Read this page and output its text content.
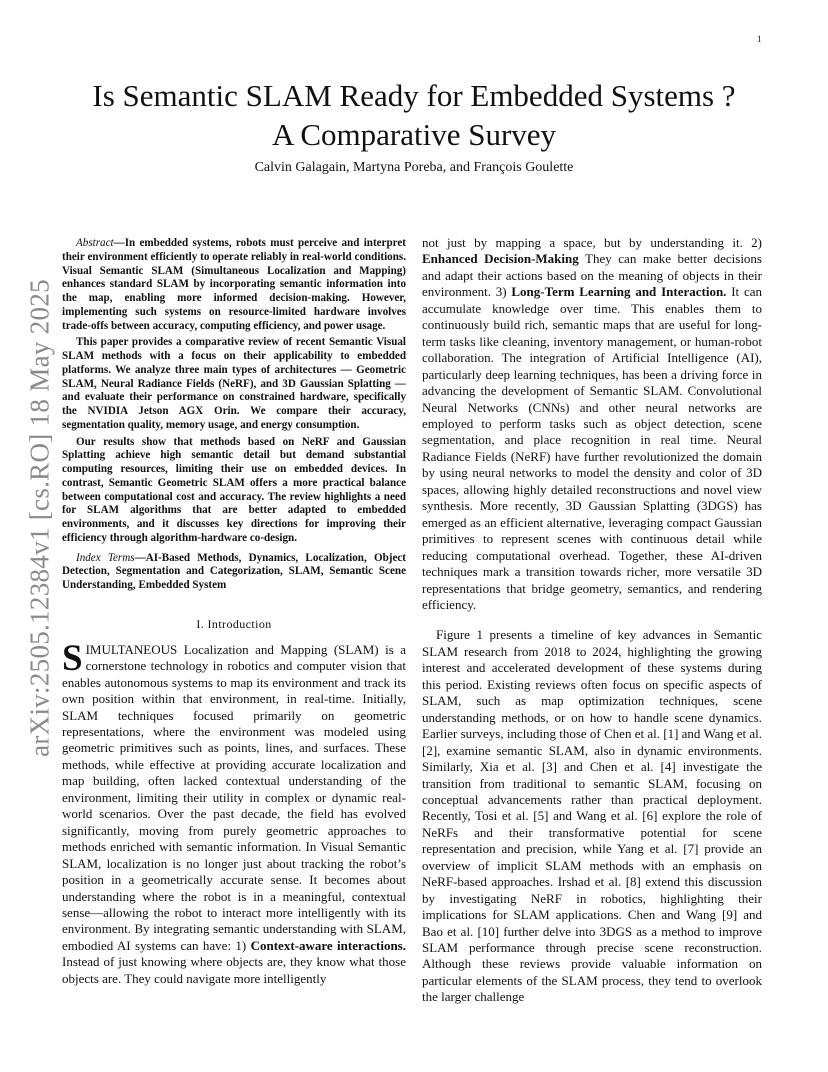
1
arXiv:2505.12384v1 [cs.RO] 18 May 2025
Is Semantic SLAM Ready for Embedded Systems ?
A Comparative Survey
Calvin Galagain, Martyna Poreba, and François Goulette

Abstract—In embedded systems, robots must perceive and interpret their environment efficiently to operate reliably in real-world conditions. Visual Semantic SLAM (Simultaneous Localization and Mapping) enhances standard SLAM by incorporating semantic information into the map, enabling more informed decision-making. However, implementing such systems on resource-limited hardware involves trade-offs between accuracy, computing efficiency, and power usage.

This paper provides a comparative review of recent Semantic Visual SLAM methods with a focus on their applicability to embedded platforms. We analyze three main types of architectures — Geometric SLAM, Neural Radiance Fields (NeRF), and 3D Gaussian Splatting — and evaluate their performance on constrained hardware, specifically the NVIDIA Jetson AGX Orin. We compare their accuracy, segmentation quality, memory usage, and energy consumption.

Our results show that methods based on NeRF and Gaussian Splatting achieve high semantic detail but demand substantial computing resources, limiting their use on embedded devices. In contrast, Semantic Geometric SLAM offers a more practical balance between computational cost and accuracy. The review highlights a need for SLAM algorithms that are better adapted to embedded environments, and it discusses key directions for improving their efficiency through algorithm-hardware co-design.

Index Terms—AI-Based Methods, Dynamics, Localization, Object Detection, Segmentation and Categorization, SLAM, Semantic Scene Understanding, Embedded System

I. Introduction
SIMULTANEOUS Localization and Mapping (SLAM) is a cornerstone technology in robotics and computer vision that enables autonomous systems to map its environment and track its own position within that environment, in real-time. Initially, SLAM techniques focused primarily on geometric representations, where the environment was modeled using geometric primitives such as points, lines, and surfaces. These methods, while effective at providing accurate localization and map building, often lacked contextual understanding of the environment, limiting their utility in complex or dynamic real-world scenarios. Over the past decade, the field has evolved significantly, moving from purely geometric approaches to methods enriched with semantic information. In Visual Semantic SLAM, localization is no longer just about tracking the robot’s position in a geometrically accurate sense. It becomes about understanding where the robot is in a meaningful, contextual sense—allowing the robot to interact more intelligently with its environment. By integrating semantic understanding with SLAM, embodied AI systems can have: 1) Context-aware interactions. Instead of just knowing where objects are, they know what those objects are. They could navigate more intelligently
not just by mapping a space, but by understanding it. 2) Enhanced Decision-Making They can make better decisions and adapt their actions based on the meaning of objects in their environment. 3) Long-Term Learning and Interaction. It can accumulate knowledge over time. This enables them to continuously build rich, semantic maps that are useful for long-term tasks like cleaning, inventory management, or human-robot collaboration. The integration of Artificial Intelligence (AI), particularly deep learning techniques, has been a driving force in advancing the development of Semantic SLAM. Convolutional Neural Networks (CNNs) and other neural networks are employed to perform tasks such as object detection, scene segmentation, and place recognition in real time. Neural Radiance Fields (NeRF) have further revolutionized the domain by using neural networks to model the density and color of 3D spaces, allowing highly detailed reconstructions and novel view synthesis. More recently, 3D Gaussian Splatting (3DGS) has emerged as an efficient alternative, leveraging compact Gaussian primitives to represent scenes with continuous detail while reducing computational overhead. Together, these AI-driven techniques mark a transition towards richer, more versatile 3D representations that bridge geometry, semantics, and rendering efficiency.

Figure 1 presents a timeline of key advances in Semantic SLAM research from 2018 to 2024, highlighting the growing interest and accelerated development of these systems during this period. Existing reviews often focus on specific aspects of SLAM, such as map optimization techniques, scene understanding methods, or on how to handle scene dynamics. Earlier surveys, including those of Chen et al. [1] and Wang et al. [2], examine semantic SLAM, also in dynamic environments. Similarly, Xia et al. [3] and Chen et al. [4] investigate the transition from traditional to semantic SLAM, focusing on conceptual advancements rather than practical deployment. Recently, Tosi et al. [5] and Wang et al. [6] explore the role of NeRFs and their transformative potential for scene representation and precision, while Yang et al. [7] provide an overview of implicit SLAM methods with an emphasis on NeRF-based approaches. Irshad et al. [8] extend this discussion by investigating NeRF in robotics, highlighting their implications for SLAM applications. Chen and Wang [9] and Bao et al. [10] further delve into 3DGS as a method to improve SLAM performance through precise scene reconstruction. Although these reviews provide valuable information on particular elements of the SLAM process, they tend to overlook the larger challenge
